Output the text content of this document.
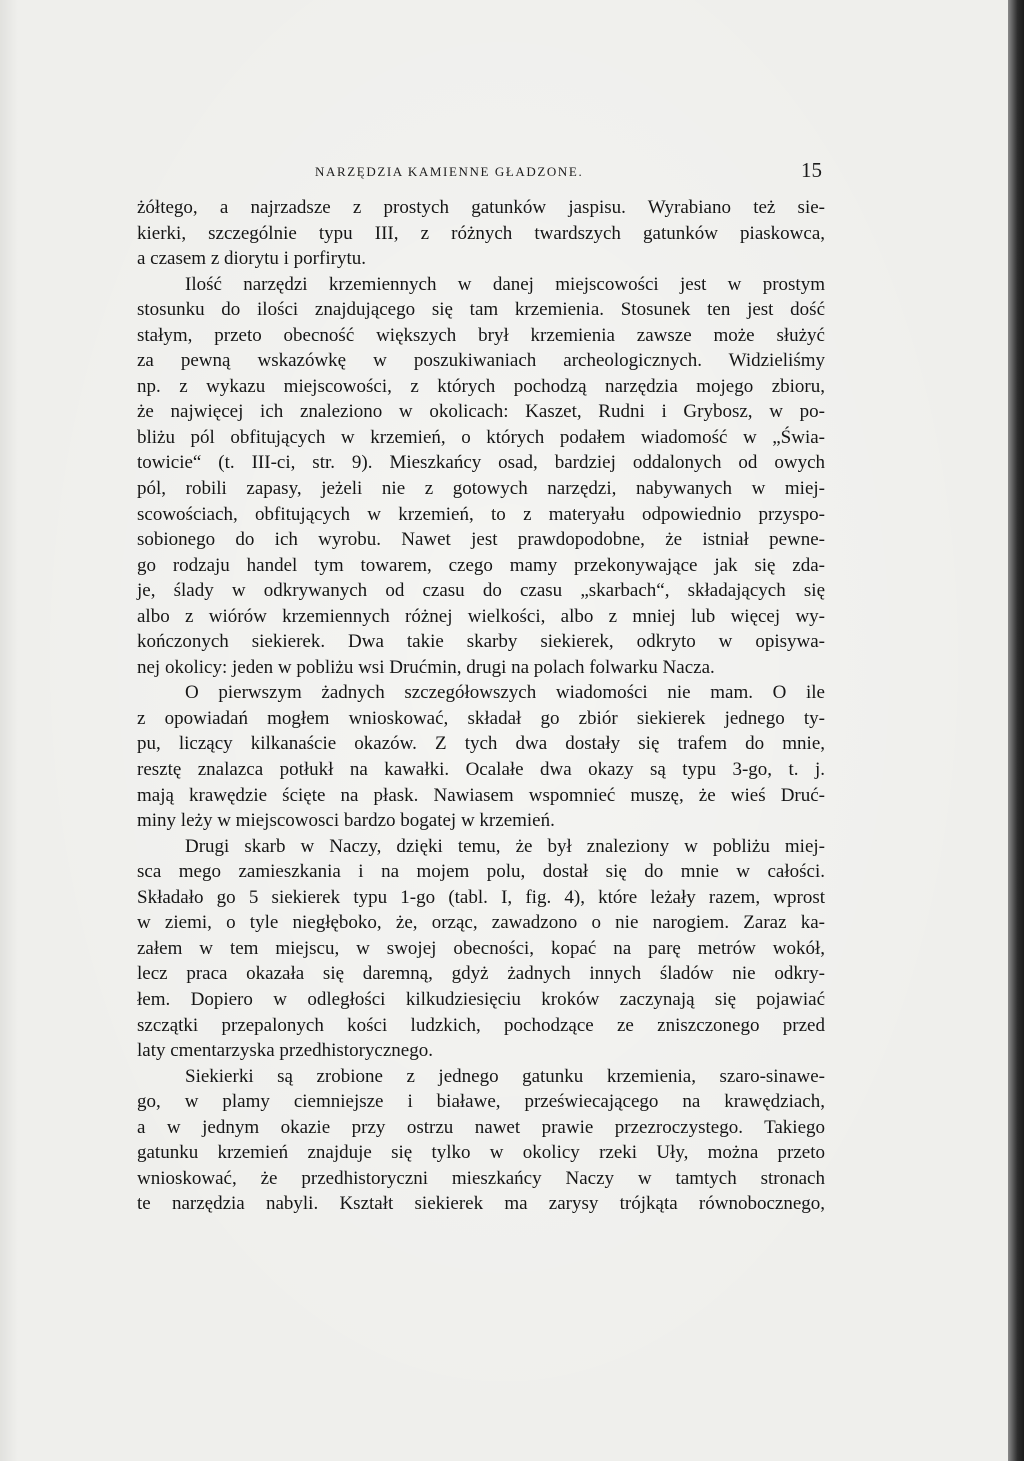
NARZĘDZIA KAMIENNE GŁADZONE.	15

żółtego, a najrzadsze z prostych gatunków jaspisu. Wyrabiano też sie-
kierki, szczególnie typu III, z różnych twardszych gatunków piaskowca,
a czasem z diorytu i porfirytu.

Ilość narzędzi krzemiennych w danej miejscowości jest w prostym
stosunku do ilości znajdującego się tam krzemienia. Stosunek ten jest dość
stałym, przeto obecność większych brył krzemienia zawsze może służyć
za pewną wskazówkę w poszukiwaniach archeologicznych. Widzieliśmy
np. z wykazu miejscowości, z których pochodzą narzędzia mojego zbioru,
że najwięcej ich znaleziono w okolicach: Kaszet, Rudni i Grybosz, w po-
bliżu pól obfitujących w krzemień, o których podałem wiadomość w „Świa-
towicie“ (t. III-ci, str. 9). Mieszkańcy osad, bardziej oddalonych od owych
pól, robili zapasy, jeżeli nie z gotowych narzędzi, nabywanych w miej-
scowościach, obfitujących w krzemień, to z materyału odpowiednio przyspo-
sobionego do ich wyrobu. Nawet jest prawdopodobne, że istniał pewne-
go rodzaju handel tym towarem, czego mamy przekonywające jak się zda-
je, ślady w odkrywanych od czasu do czasu „skarbach“, składających się
albo z wiórów krzemiennych różnej wielkości, albo z mniej lub więcej wy-
kończonych siekierek. Dwa takie skarby siekierek, odkryto w opisywa-
nej okolicy: jeden w pobliżu wsi Drućmin, drugi na polach folwarku Nacza.

O pierwszym żadnych szczegółowszych wiadomości nie mam. O ile
z opowiadań mogłem wnioskować, składał go zbiór siekierek jednego ty-
pu, liczący kilkanaście okazów. Z tych dwa dostały się trafem do mnie,
resztę znalazca potłukł na kawałki. Ocalałe dwa okazy są typu 3-go, t. j.
mają krawędzie ścięte na płask. Nawiasem wspomnieć muszę, że wieś Druć-
miny leży w miejscowosci bardzo bogatej w krzemień.

Drugi skarb w Naczy, dzięki temu, że był znaleziony w pobliżu miej-
sca mego zamieszkania i na mojem polu, dostał się do mnie w całości.
Składało go 5 siekierek typu 1-go (tabl. I, fig. 4), które leżały razem, wprost
w ziemi, o tyle niegłęboko, że, orząc, zawadzono o nie narogiem. Zaraz ka-
załem w tem miejscu, w swojej obecności, kopać na parę metrów wokół,
lecz praca okazała się daremną, gdyż żadnych innych śladów nie odkry-
łem. Dopiero w odległości kilkudziesięciu kroków zaczynają się pojawiać
szczątki przepalonych kości ludzkich, pochodzące ze zniszczonego przed
laty cmentarzyska przedhistorycznego.

Siekierki są zrobione z jednego gatunku krzemienia, szaro-sinawe-
go, w plamy ciemniejsze i białawe, przeświecającego na krawędziach,
a w jednym okazie przy ostrzu nawet prawie przezroczystego. Takiego
gatunku krzemień znajduje się tylko w okolicy rzeki Uły, można przeto
wnioskować, że przedhistoryczni mieszkańcy Naczy w tamtych stronach
te narzędzia nabyli. Kształt siekierek ma zarysy trójkąta równobocznego,
